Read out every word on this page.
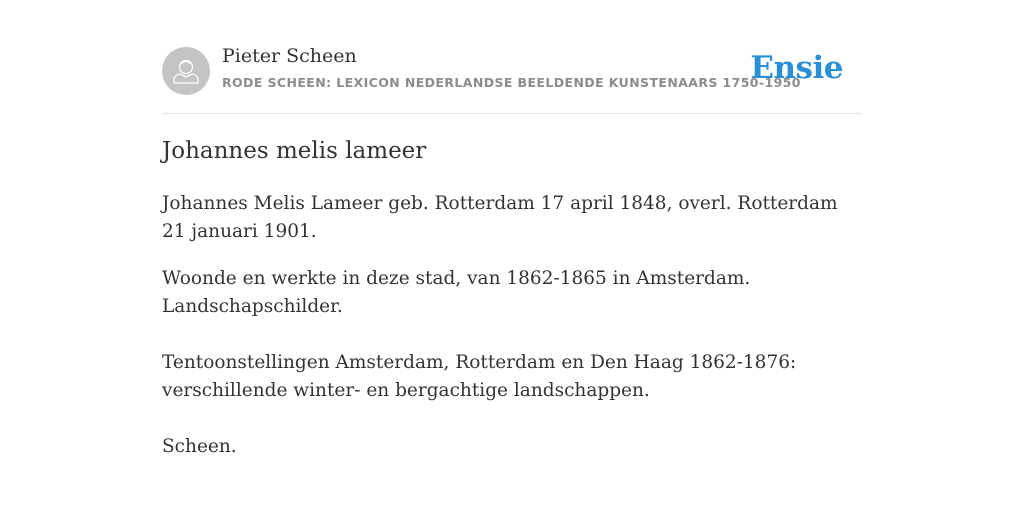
Pieter Scheen
RODE SCHEEN: LEXICON NEDERLANDSE BEELDENDE KUNSTENAARS 1750-1950
Ensie
Johannes melis lameer

Johannes Melis Lameer geb. Rotterdam 17 april 1848, overl. Rotterdam 21 januari 1901.

Woonde en werkte in deze stad, van 1862-1865 in Amsterdam.
Landschapschilder.

Tentoonstellingen Amsterdam, Rotterdam en Den Haag 1862-1876: verschillende winter- en bergachtige landschappen.

Scheen.
